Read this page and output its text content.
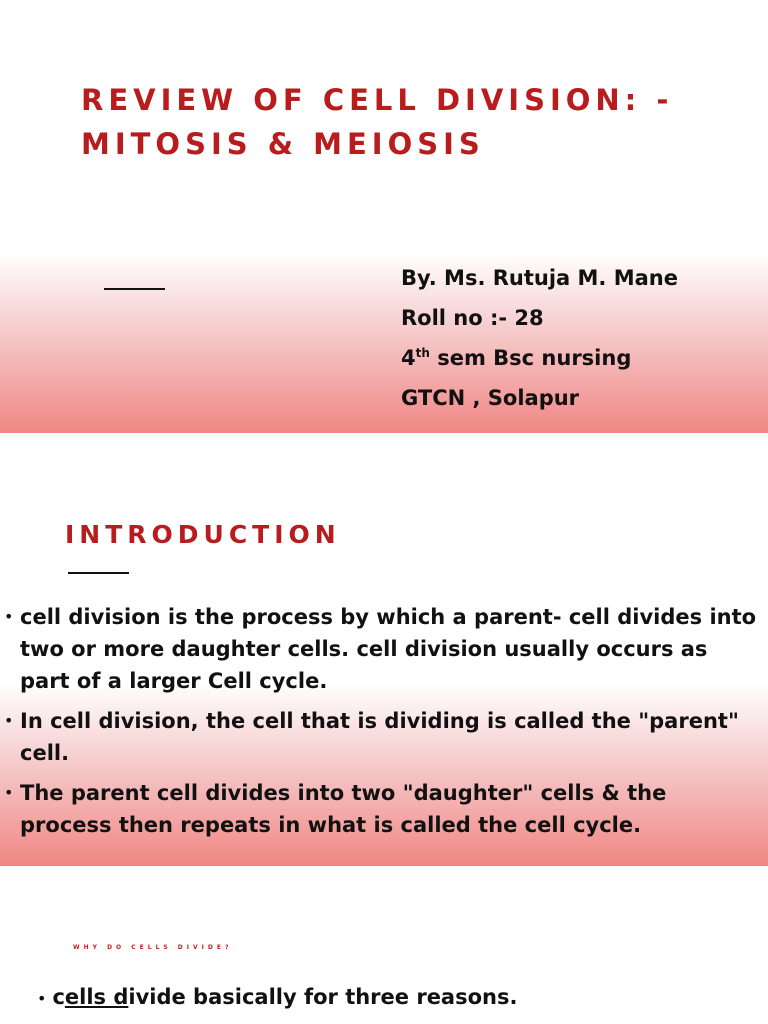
REVIEW OF CELL DIVISION: - MITOSIS & MEIOSIS
By. Ms. Rutuja M. Mane
Roll no :- 28
4th sem Bsc nursing
GTCN , Solapur
INTRODUCTION
• cell division is the process by which a parent- cell divides into two or more daughter cells. cell division usually occurs as part of a larger Cell cycle.
• In cell division, the cell that is dividing is called the "parent" cell.
• The parent cell divides into two "daughter" cells & the process then repeats in what is called the cell cycle.
WHY DO CELLS DIVIDE?
• cells divide basically for three reasons.
